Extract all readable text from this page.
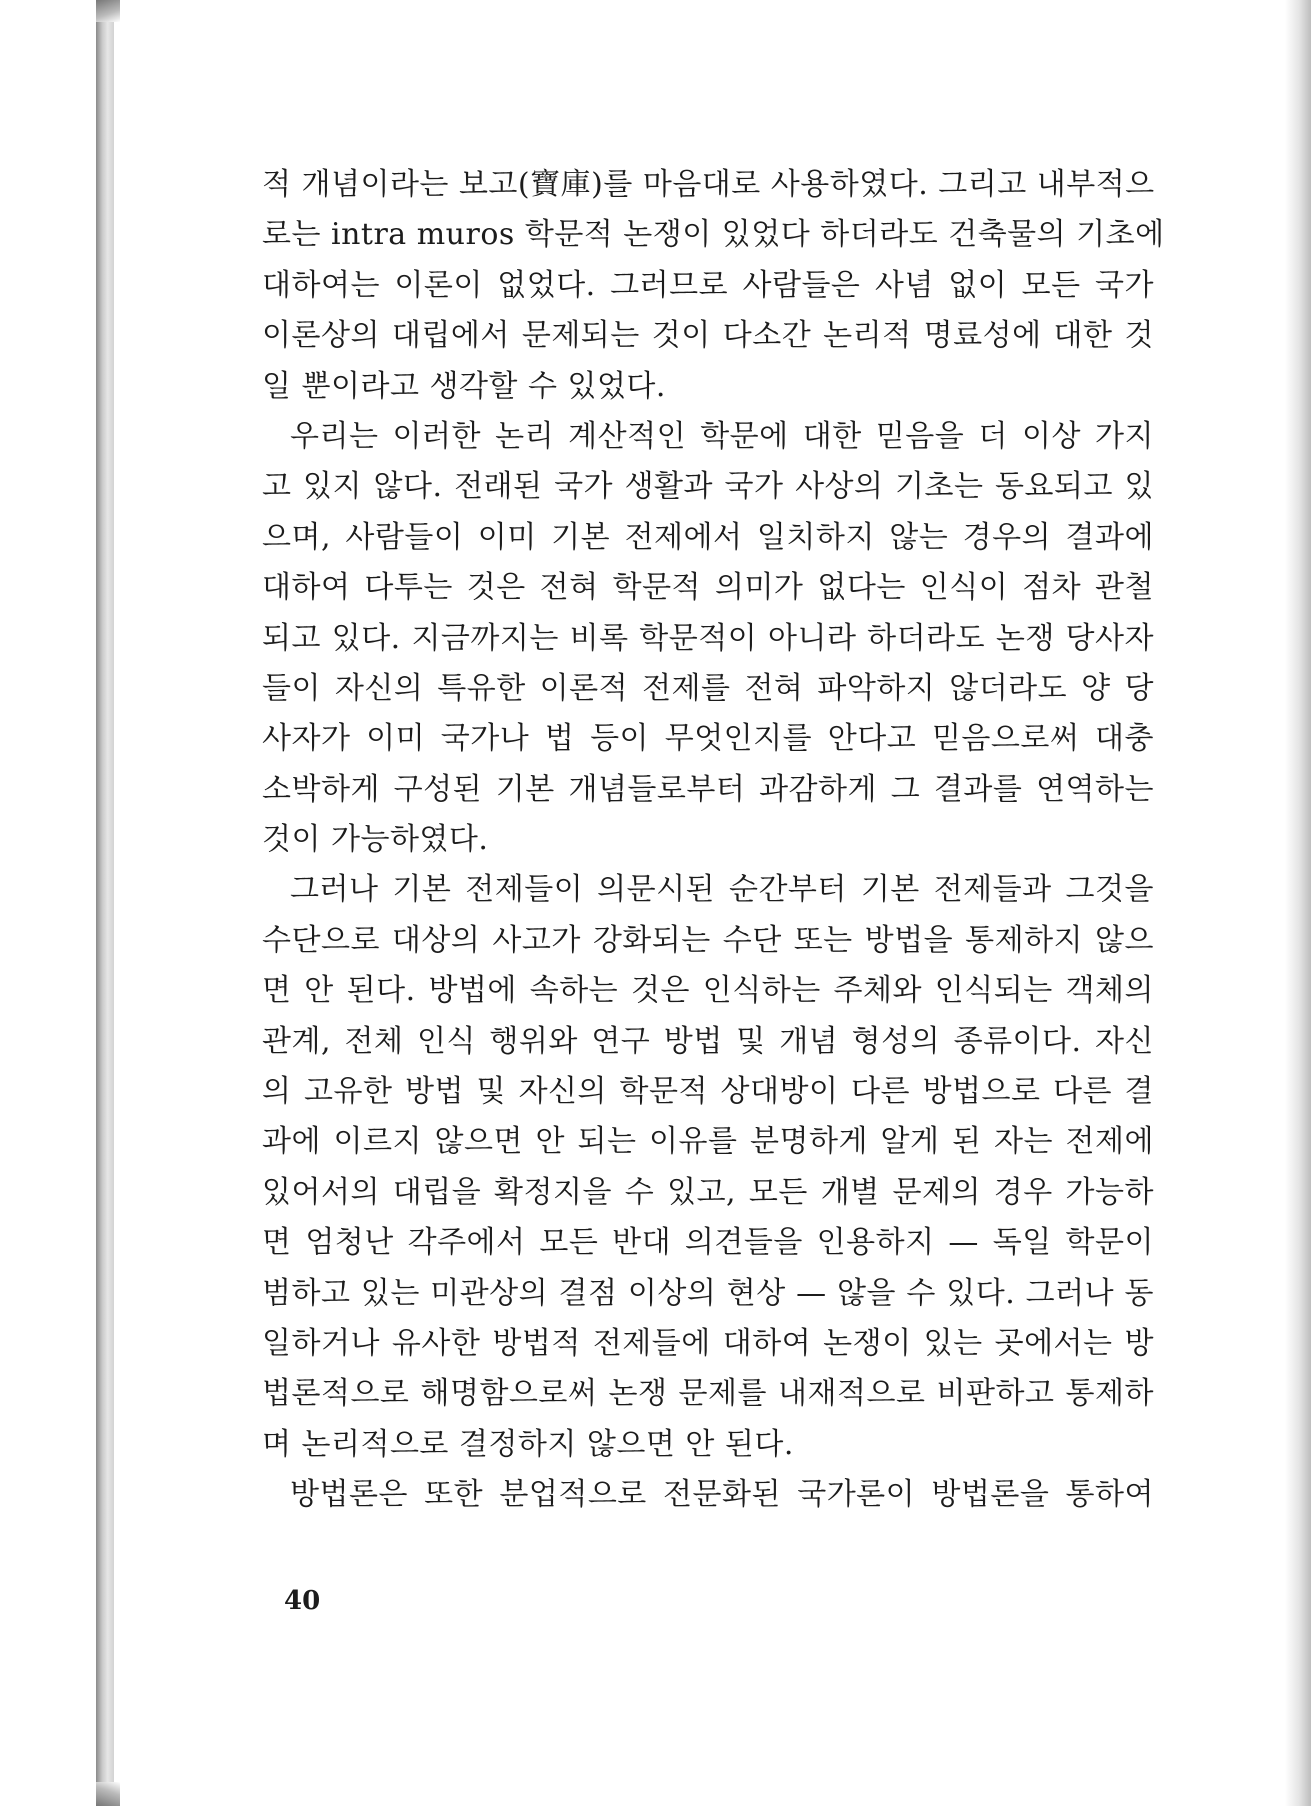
적 개념이라는 보고(寶庫)를 마음대로 사용하였다. 그리고 내부적으
로는 intra muros 학문적 논쟁이 있었다 하더라도 건축물의 기초에
대하여는 이론이 없었다. 그러므로 사람들은 사념 없이 모든 국가
이론상의 대립에서 문제되는 것이 다소간 논리적 명료성에 대한 것
일 뿐이라고 생각할 수 있었다.
우리는 이러한 논리 계산적인 학문에 대한 믿음을 더 이상 가지
고 있지 않다. 전래된 국가 생활과 국가 사상의 기초는 동요되고 있
으며, 사람들이 이미 기본 전제에서 일치하지 않는 경우의 결과에
대하여 다투는 것은 전혀 학문적 의미가 없다는 인식이 점차 관철
되고 있다. 지금까지는 비록 학문적이 아니라 하더라도 논쟁 당사자
들이 자신의 특유한 이론적 전제를 전혀 파악하지 않더라도 양 당
사자가 이미 국가나 법 등이 무엇인지를 안다고 믿음으로써 대충
소박하게 구성된 기본 개념들로부터 과감하게 그 결과를 연역하는
것이 가능하였다.
그러나 기본 전제들이 의문시된 순간부터 기본 전제들과 그것을
수단으로 대상의 사고가 강화되는 수단 또는 방법을 통제하지 않으
면 안 된다. 방법에 속하는 것은 인식하는 주체와 인식되는 객체의
관계, 전체 인식 행위와 연구 방법 및 개념 형성의 종류이다. 자신
의 고유한 방법 및 자신의 학문적 상대방이 다른 방법으로 다른 결
과에 이르지 않으면 안 되는 이유를 분명하게 알게 된 자는 전제에
있어서의 대립을 확정지을 수 있고, 모든 개별 문제의 경우 가능하
면 엄청난 각주에서 모든 반대 의견들을 인용하지 — 독일 학문이
범하고 있는 미관상의 결점 이상의 현상 — 않을 수 있다. 그러나 동
일하거나 유사한 방법적 전제들에 대하여 논쟁이 있는 곳에서는 방
법론적으로 해명함으로써 논쟁 문제를 내재적으로 비판하고 통제하
며 논리적으로 결정하지 않으면 안 된다.
방법론은 또한 분업적으로 전문화된 국가론이 방법론을 통하여
40
